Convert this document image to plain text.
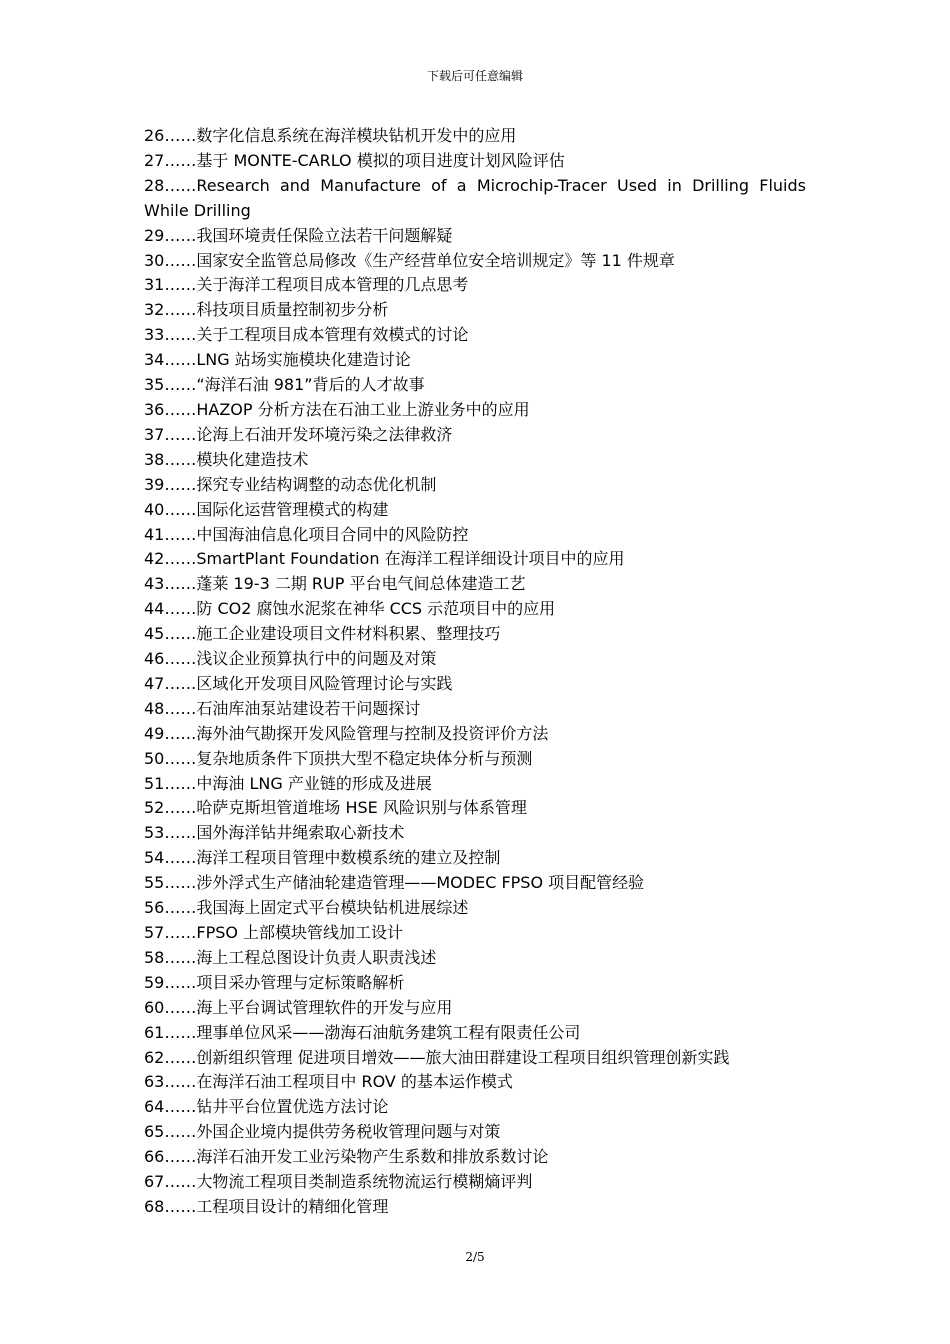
下载后可任意编辑
26……数字化信息系统在海洋模块钻机开发中的应用
27……基于 MONTE-CARLO 模拟的项目进度计划风险评估
28……Research and Manufacture of a Microchip-Tracer Used in Drilling Fluids While Drilling
29……我国环境责任保险立法若干问题解疑
30……国家安全监管总局修改《生产经营单位安全培训规定》等 11 件规章
31……关于海洋工程项目成本管理的几点思考
32……科技项目质量控制初步分析
33……关于工程项目成本管理有效模式的讨论
34……LNG 站场实施模块化建造讨论
35……“海洋石油 981”背后的人才故事
36……HAZOP 分析方法在石油工业上游业务中的应用
37……论海上石油开发环境污染之法律救济
38……模块化建造技术
39……探究专业结构调整的动态优化机制
40……国际化运营管理模式的构建
41……中国海油信息化项目合同中的风险防控
42……SmartPlant Foundation 在海洋工程详细设计项目中的应用
43……蓬莱 19-3 二期 RUP 平台电气间总体建造工艺
44……防 CO2 腐蚀水泥浆在神华 CCS 示范项目中的应用
45……施工企业建设项目文件材料积累、整理技巧
46……浅议企业预算执行中的问题及对策
47……区域化开发项目风险管理讨论与实践
48……石油库油泵站建设若干问题探讨
49……海外油气勘探开发风险管理与控制及投资评价方法
50……复杂地质条件下顶拱大型不稳定块体分析与预测
51……中海油 LNG 产业链的形成及进展
52……哈萨克斯坦管道堆场 HSE 风险识别与体系管理
53……国外海洋钻井绳索取心新技术
54……海洋工程项目管理中数模系统的建立及控制
55……涉外浮式生产储油轮建造管理——MODEC FPSO 项目配管经验
56……我国海上固定式平台模块钻机进展综述
57……FPSO 上部模块管线加工设计
58……海上工程总图设计负责人职责浅述
59……项目采办管理与定标策略解析
60……海上平台调试管理软件的开发与应用
61……理事单位风采——渤海石油航务建筑工程有限责任公司
62……创新组织管理 促进项目增效——旅大油田群建设工程项目组织管理创新实践
63……在海洋石油工程项目中 ROV 的基本运作模式
64……钻井平台位置优选方法讨论
65……外国企业境内提供劳务税收管理问题与对策
66……海洋石油开发工业污染物产生系数和排放系数讨论
67……大物流工程项目类制造系统物流运行模糊熵评判
68……工程项目设计的精细化管理
2/5
